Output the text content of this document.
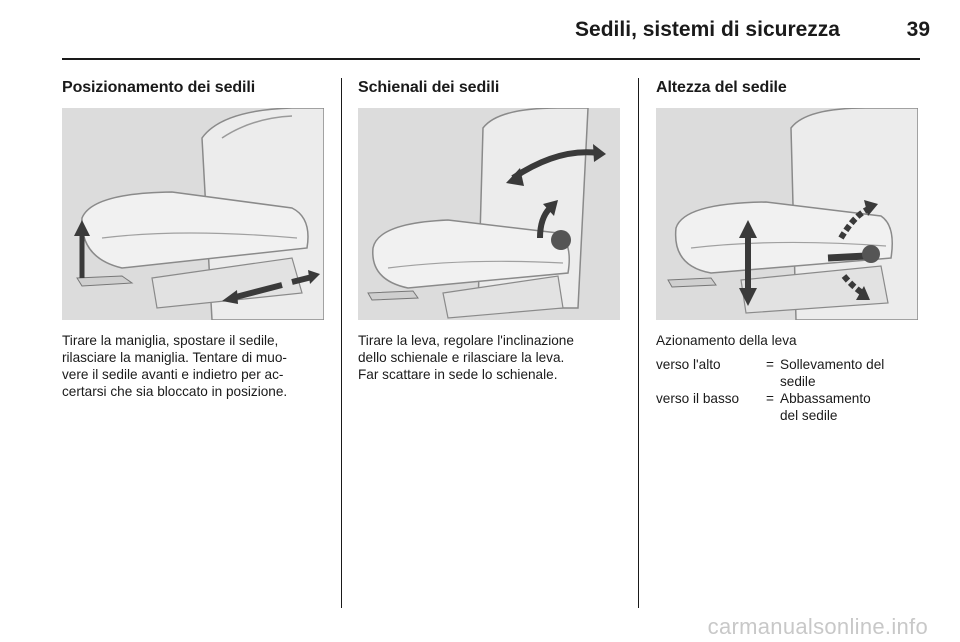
Sedili, sistemi di sicurezza	39
Posizionamento dei sedili

Tirare la maniglia, spostare il sedile,
rilasciare la maniglia. Tentare di muo-
vere il sedile avanti e indietro per ac-
certarsi che sia bloccato in posizione.

Schienali dei sedili

Tirare la leva, regolare l'inclinazione
dello schienale e rilasciare la leva.
Far scattare in sede lo schienale.

Altezza del sedile

Azionamento della leva

verso l'alto	= Sollevamento del
sedile
verso il basso	= Abbassamento
del sedile
carmanualsonline.info
